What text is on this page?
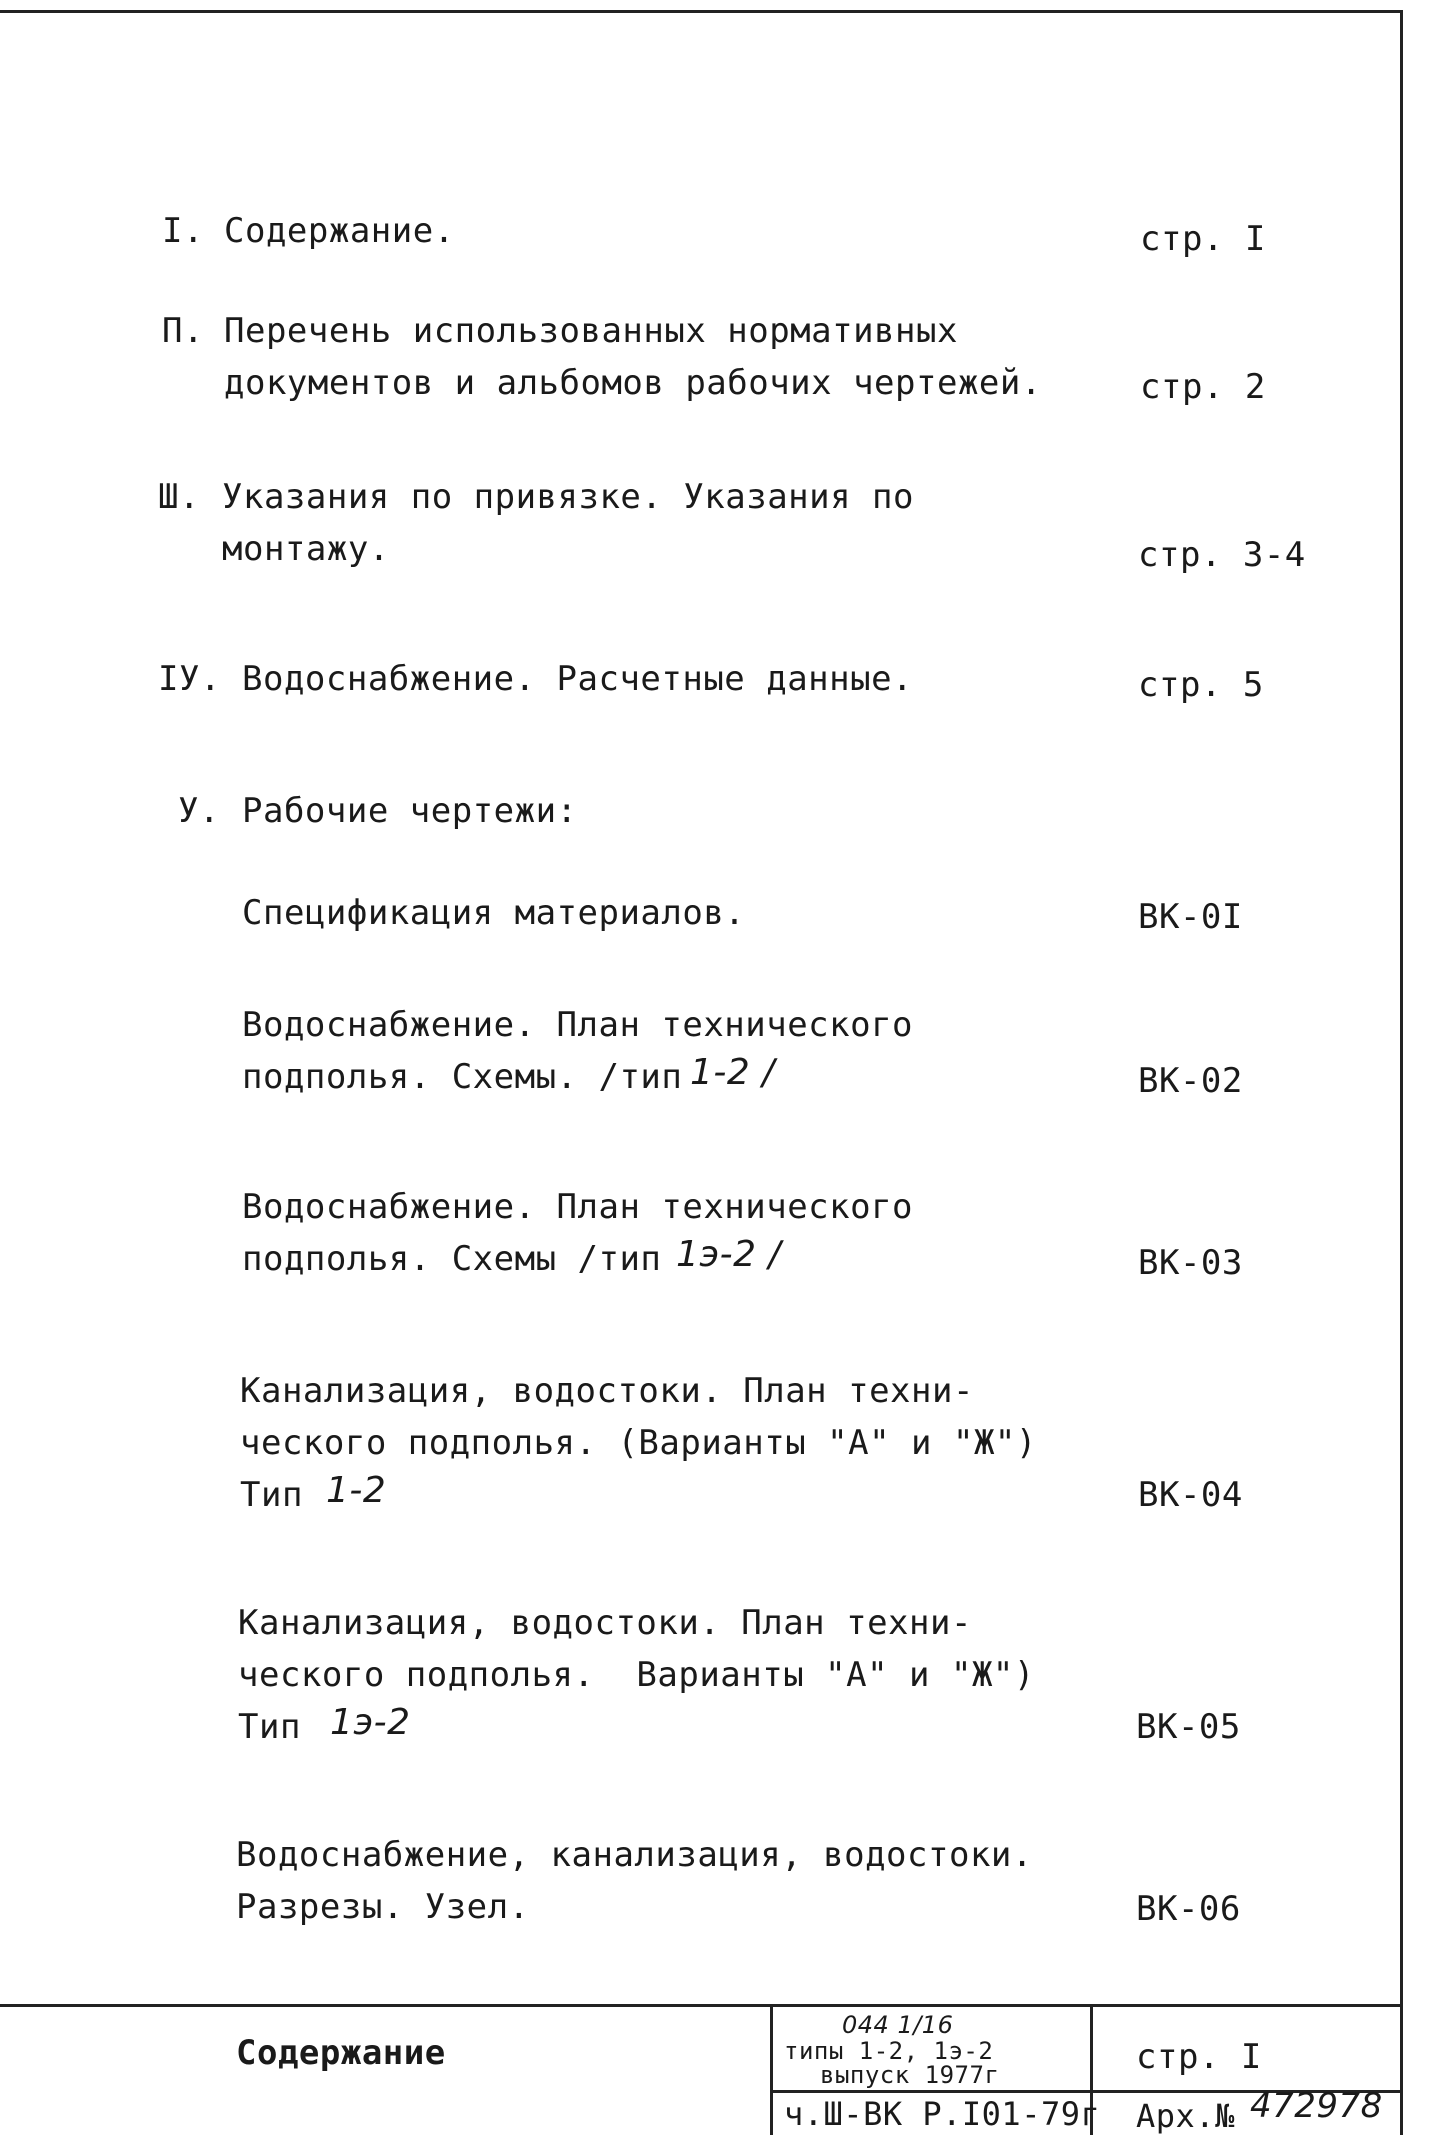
I. Содержание.	стр. I
П. Перечень использованных нормативных
документов и альбомов рабочих чертежей.	стр. 2
Ш. Указания по привязке. Указания по
монтажу.	стр. 3-4
IУ. Водоснабжение. Расчетные данные.	стр. 5
У. Рабочие чертежи:
Спецификация материалов.	ВК-0I
Водоснабжение. План технического
подполья. Схемы. /тип
1-2 /	ВК-02
Водоснабжение. План технического
подполья. Схемы /тип
1э-2 /	ВК-03
Канализация, водостоки. План техни-
ческого подполья. (Варианты "А" и "Ж")
Тип 1-2	ВК-04
Канализация, водостоки. План техни-
ческого подполья.  Варианты "А" и "Ж")
Тип 1э-2	ВК-05
Водоснабжение, канализация, водостоки.
Разрезы. Узел.	ВК-06
Содержание
044 1/16
типы 1-2, 1э-2
выпуск 1977г	стр. I
ч.Ш-ВК Р.I01-79г Арх.№ 472978
